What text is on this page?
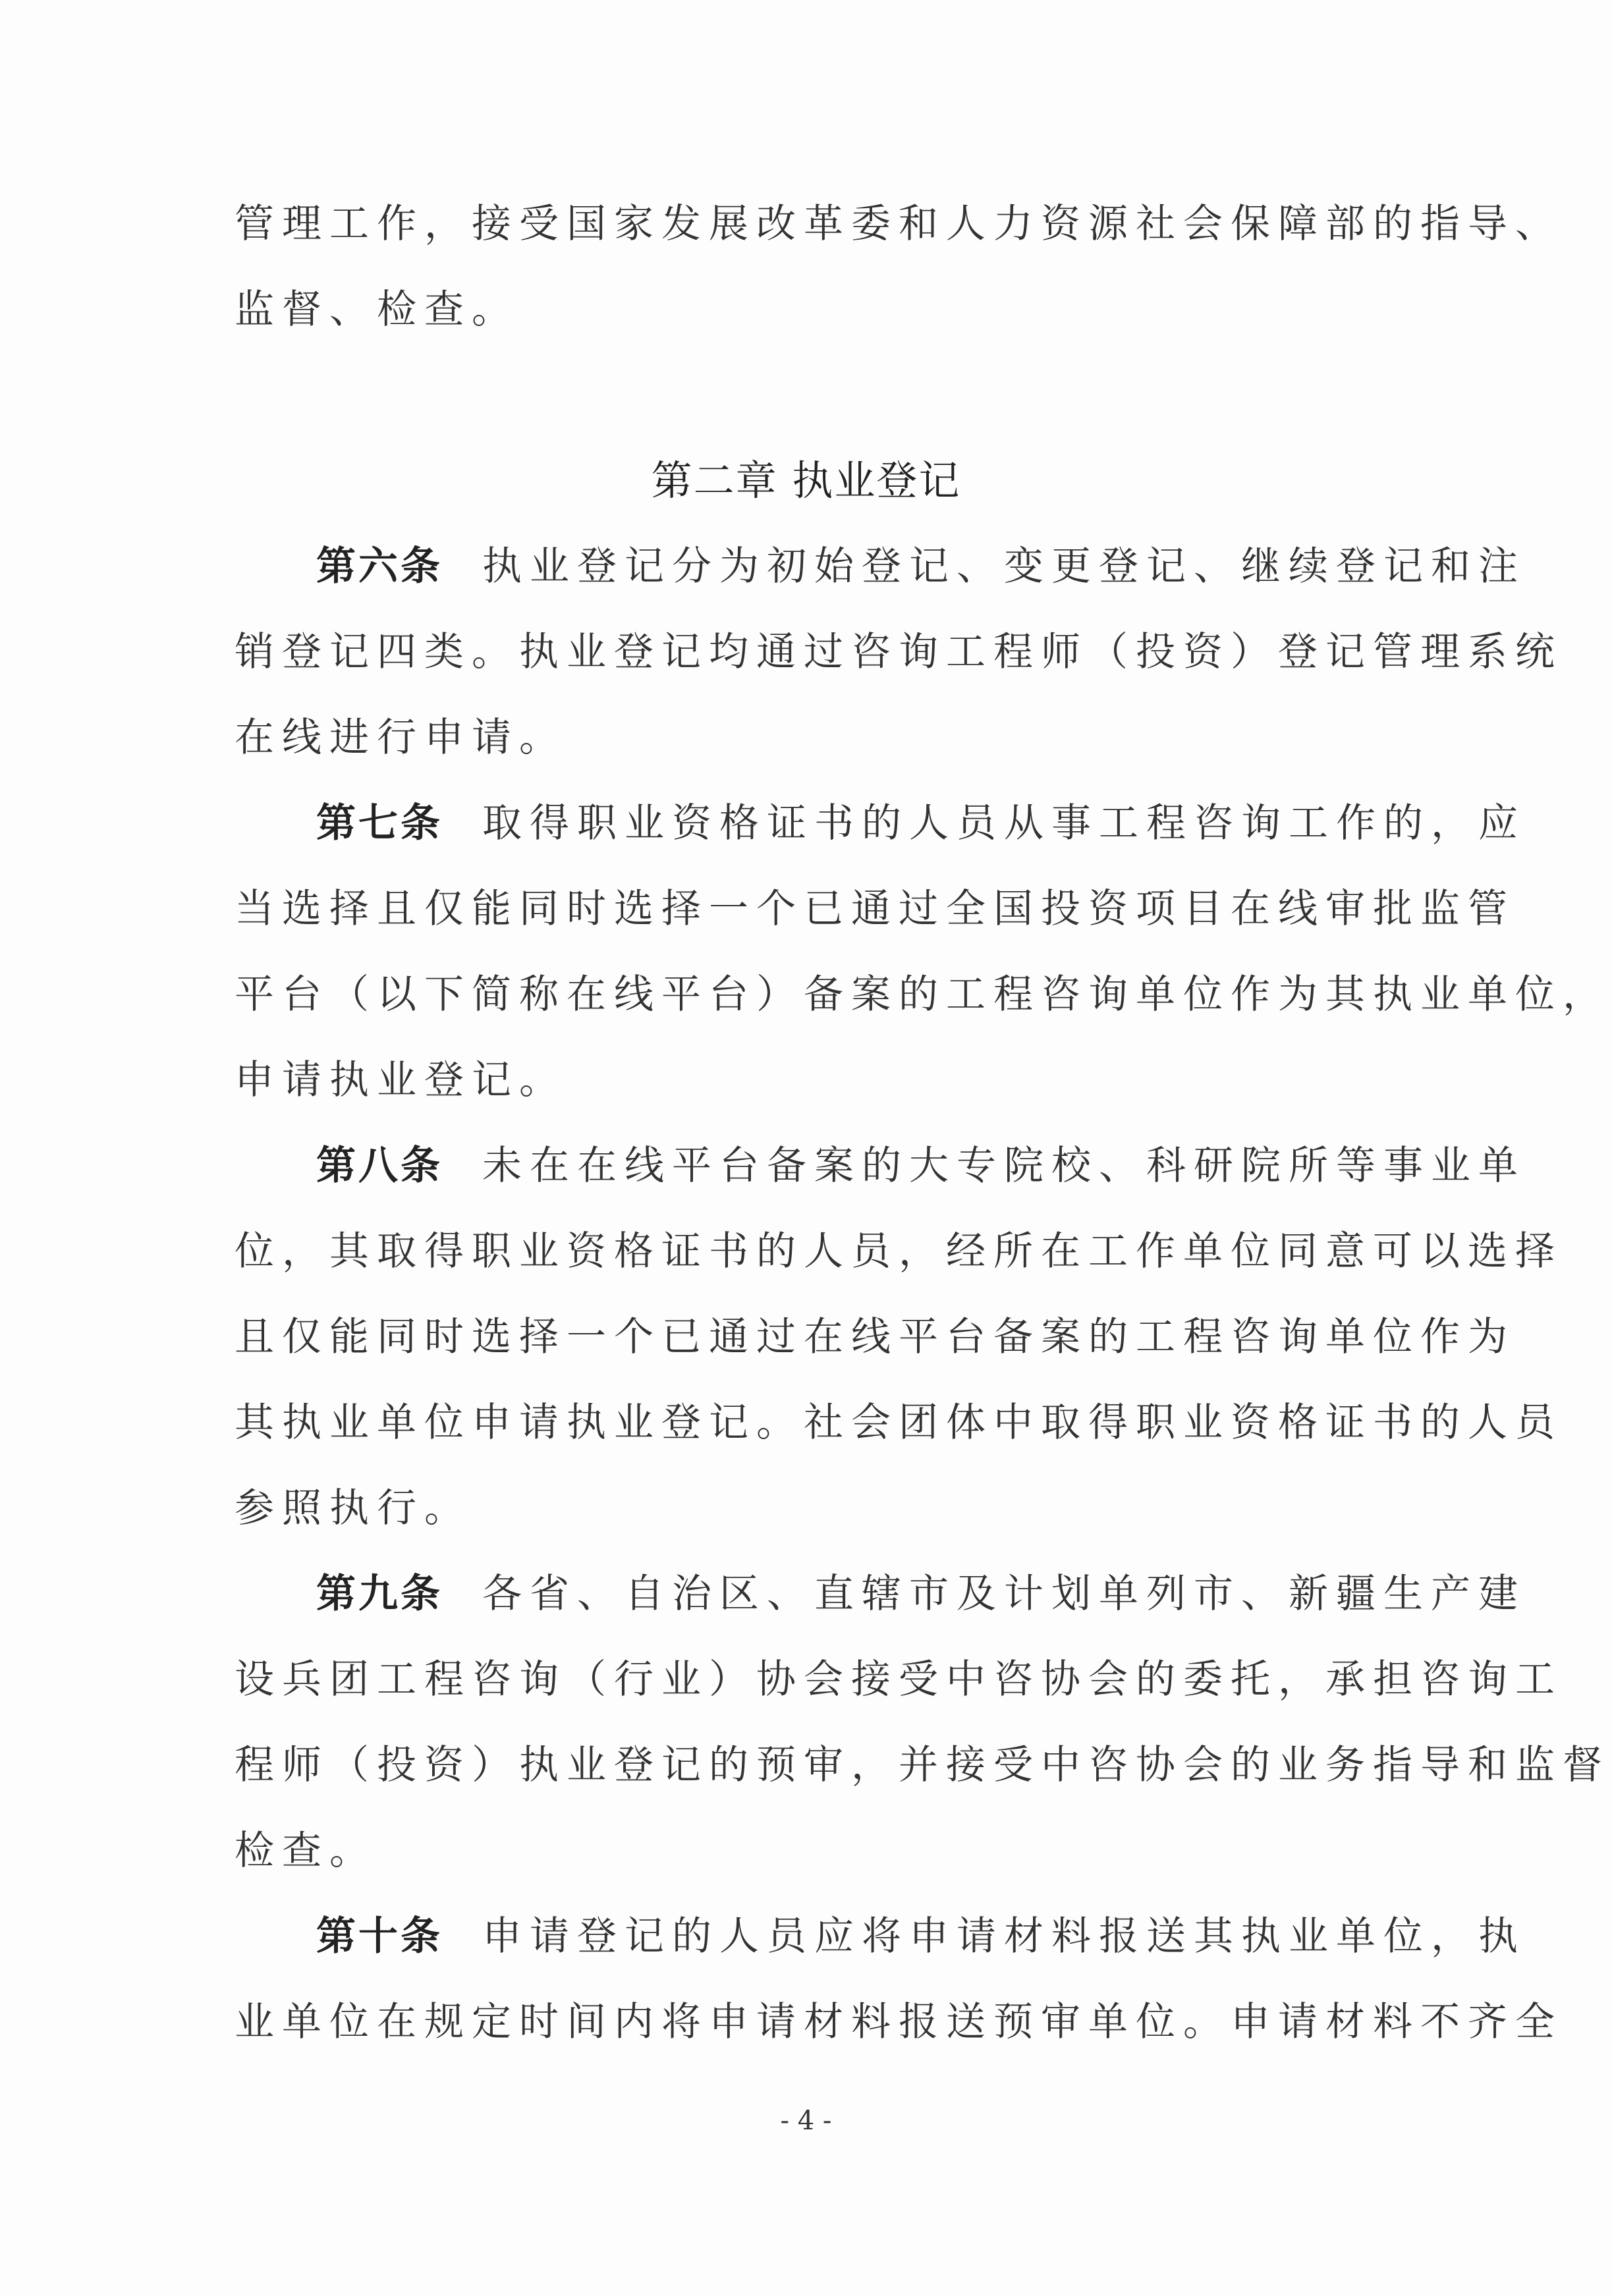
管理工作，接受国家发展改革委和人力资源社会保障部的指导、
监督、检查。
第二章 执业登记
第六条 执业登记分为初始登记、变更登记、继续登记和注
销登记四类。执业登记均通过咨询工程师（投资）登记管理系统
在线进行申请。
第七条 取得职业资格证书的人员从事工程咨询工作的，应
当选择且仅能同时选择一个已通过全国投资项目在线审批监管
平台（以下简称在线平台）备案的工程咨询单位作为其执业单位，
申请执业登记。
第八条 未在在线平台备案的大专院校、科研院所等事业单
位，其取得职业资格证书的人员，经所在工作单位同意可以选择
且仅能同时选择一个已通过在线平台备案的工程咨询单位作为
其执业单位申请执业登记。社会团体中取得职业资格证书的人员
参照执行。
第九条 各省、自治区、直辖市及计划单列市、新疆生产建
设兵团工程咨询（行业）协会接受中咨协会的委托，承担咨询工
程师（投资）执业登记的预审，并接受中咨协会的业务指导和监督
检查。
第十条 申请登记的人员应将申请材料报送其执业单位，执
业单位在规定时间内将申请材料报送预审单位。申请材料不齐全
- 4 -
